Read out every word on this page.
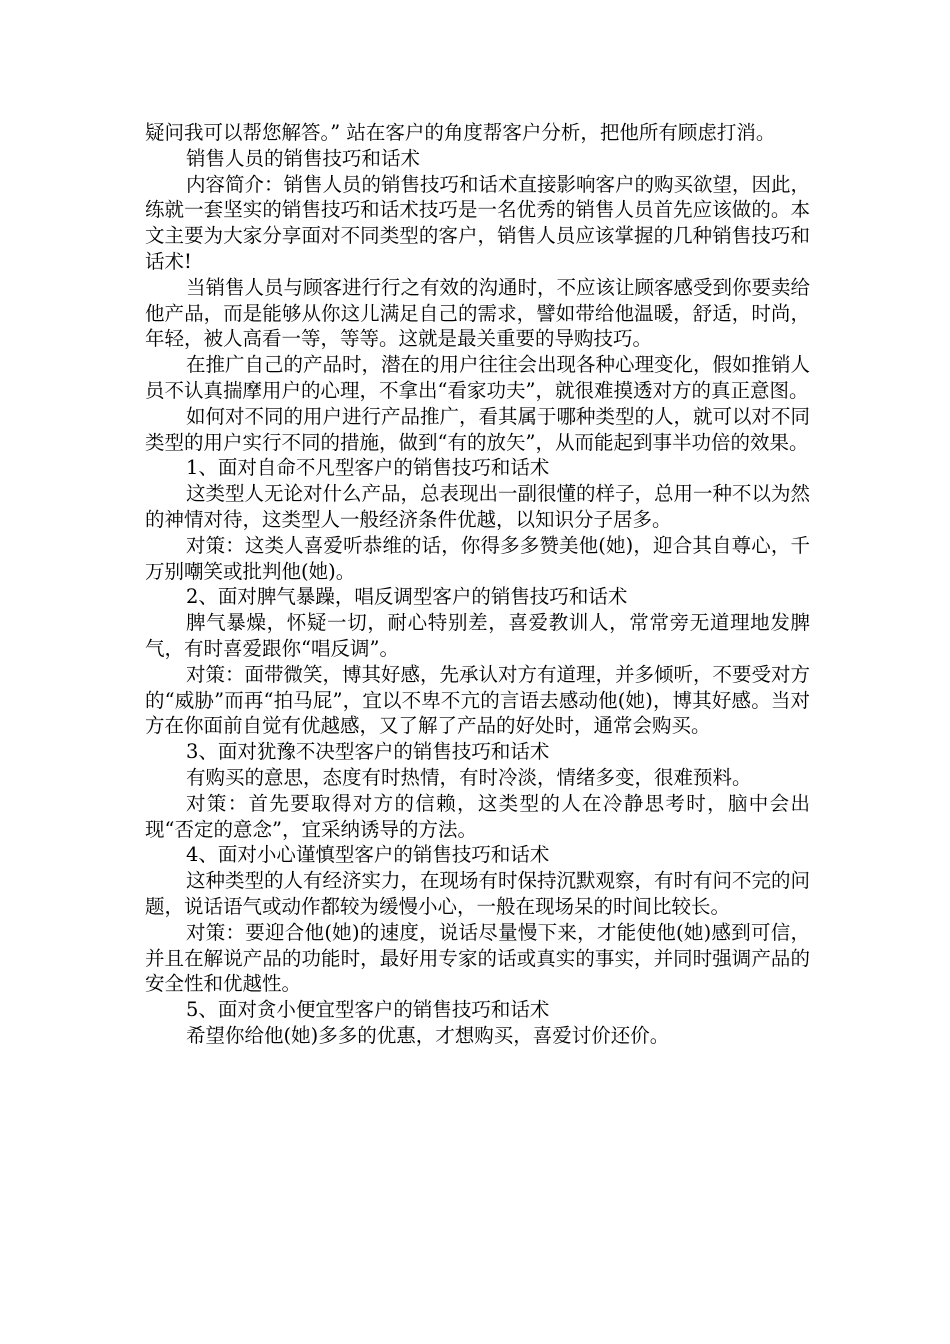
疑问我可以帮您解答。” 站在客户的角度帮客户分析，把他所有顾虑打消。

销售人员的销售技巧和话术

内容简介：销售人员的销售技巧和话术直接影响客户的购买欲望，因此，练就一套坚实的销售技巧和话术技巧是一名优秀的销售人员首先应该做的。本文主要为大家分享面对不同类型的客户，销售人员应该掌握的几种销售技巧和话术!

当销售人员与顾客进行行之有效的沟通时，不应该让顾客感受到你要卖给他产品，而是能够从你这儿满足自己的需求，譬如带给他温暖，舒适，时尚，年轻，被人高看一等，等等。这就是最关重要的导购技巧。

在推广自己的产品时，潜在的用户往往会出现各种心理变化，假如推销人员不认真揣摩用户的心理，不拿出“看家功夫”，就很难摸透对方的真正意图。

如何对不同的用户进行产品推广，看其属于哪种类型的人，就可以对不同类型的用户实行不同的措施，做到“有的放矢”，从而能起到事半功倍的效果。

1、面对自命不凡型客户的销售技巧和话术

这类型人无论对什么产品，总表现出一副很懂的样子，总用一种不以为然的神情对待，这类型人一般经济条件优越，以知识分子居多。

对策：这类人喜爱听恭维的话，你得多多赞美他(她)，迎合其自尊心，千万别嘲笑或批判他(她)。

2、面对脾气暴躁，唱反调型客户的销售技巧和话术

脾气暴燥，怀疑一切，耐心特别差，喜爱教训人，常常旁无道理地发脾气，有时喜爱跟你“唱反调”。

对策：面带微笑，博其好感，先承认对方有道理，并多倾听，不要受对方的“威胁”而再“拍马屁”，宜以不卑不亢的言语去感动他(她)，博其好感。当对方在你面前自觉有优越感，又了解了产品的好处时，通常会购买。

3、面对犹豫不决型客户的销售技巧和话术

有购买的意思，态度有时热情，有时冷淡，情绪多变，很难预料。

对策：首先要取得对方的信赖，这类型的人在冷静思考时，脑中会出现“否定的意念”，宜采纳诱导的方法。

4、面对小心谨慎型客户的销售技巧和话术

这种类型的人有经济实力，在现场有时保持沉默观察，有时有问不完的问题，说话语气或动作都较为缓慢小心，一般在现场呆的时间比较长。

对策：要迎合他(她)的速度，说话尽量慢下来，才能使他(她)感到可信，并且在解说产品的功能时，最好用专家的话或真实的事实，并同时强调产品的安全性和优越性。

5、面对贪小便宜型客户的销售技巧和话术

希望你给他(她)多多的优惠，才想购买，喜爱讨价还价。
